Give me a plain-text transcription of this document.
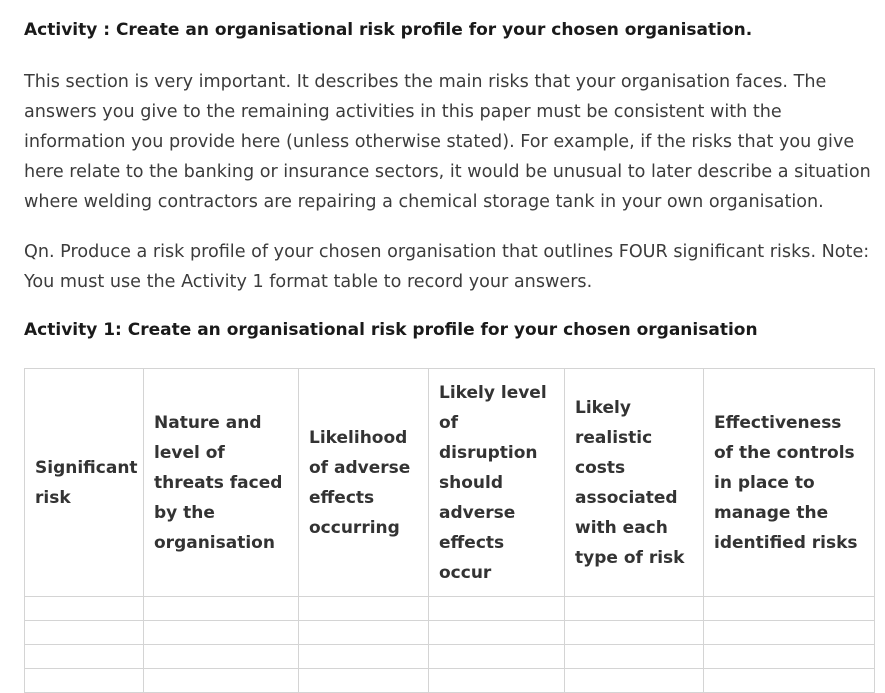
Activity : Create an organisational risk profile for your chosen organisation.

This section is very important. It describes the main risks that your organisation faces. The answers you give to the remaining activities in this paper must be consistent with the information you provide here (unless otherwise stated). For example, if the risks that you give here relate to the banking or insurance sectors, it would be unusual to later describe a situation where welding contractors are repairing a chemical storage tank in your own organisation.

Qn. Produce a risk profile of your chosen organisation that outlines FOUR significant risks. Note: You must use the Activity 1 format table to record your answers.

Activity 1: Create an organisational risk profile for your chosen organisation
Significant risk	Nature and level of threats faced by the organisation	Likelihood of adverse effects occurring	Likely level of disruption should adverse effects occur	Likely realistic costs associated with each type of risk	Effectiveness of the controls in place to manage the identified risks
